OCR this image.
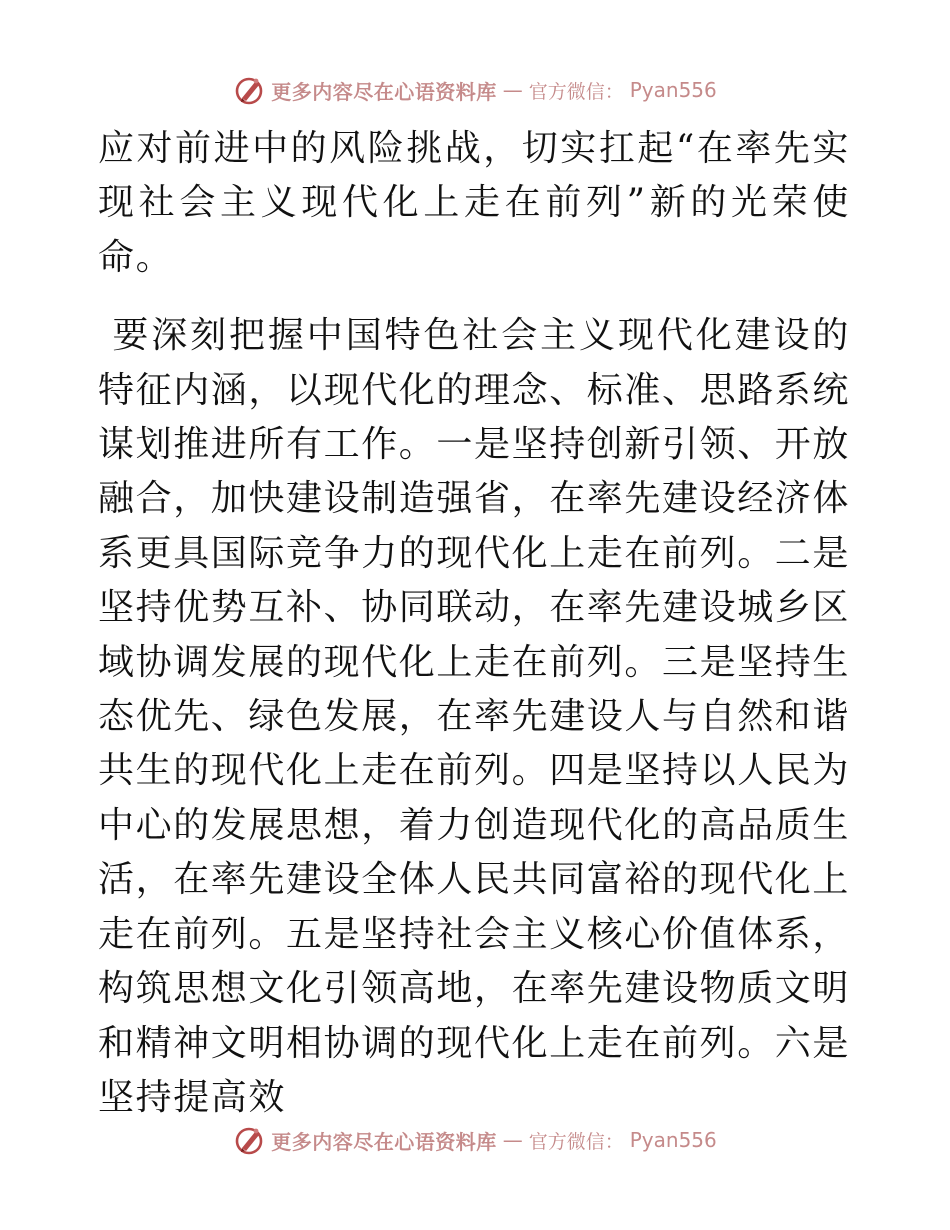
更多内容尽在心语资料库 — 官方微信： Pyan556

应对前进中的风险挑战，切实扛起“在率先实现社会主义现代化上走在前列”新的光荣使命。

要深刻把握中国特色社会主义现代化建设的特征内涵，以现代化的理念、标准、思路系统谋划推进所有工作。一是坚持创新引领、开放融合，加快建设制造强省，在率先建设经济体系更具国际竞争力的现代化上走在前列。二是坚持优势互补、协同联动，在率先建设城乡区域协调发展的现代化上走在前列。三是坚持生态优先、绿色发展，在率先建设人与自然和谐共生的现代化上走在前列。四是坚持以人民为中心的发展思想，着力创造现代化的高品质生活，在率先建设全体人民共同富裕的现代化上走在前列。五是坚持社会主义核心价值体系，构筑思想文化引领高地，在率先建设物质文明和精神文明相协调的现代化上走在前列。六是坚持提高效

更多内容尽在心语资料库 — 官方微信： Pyan556
